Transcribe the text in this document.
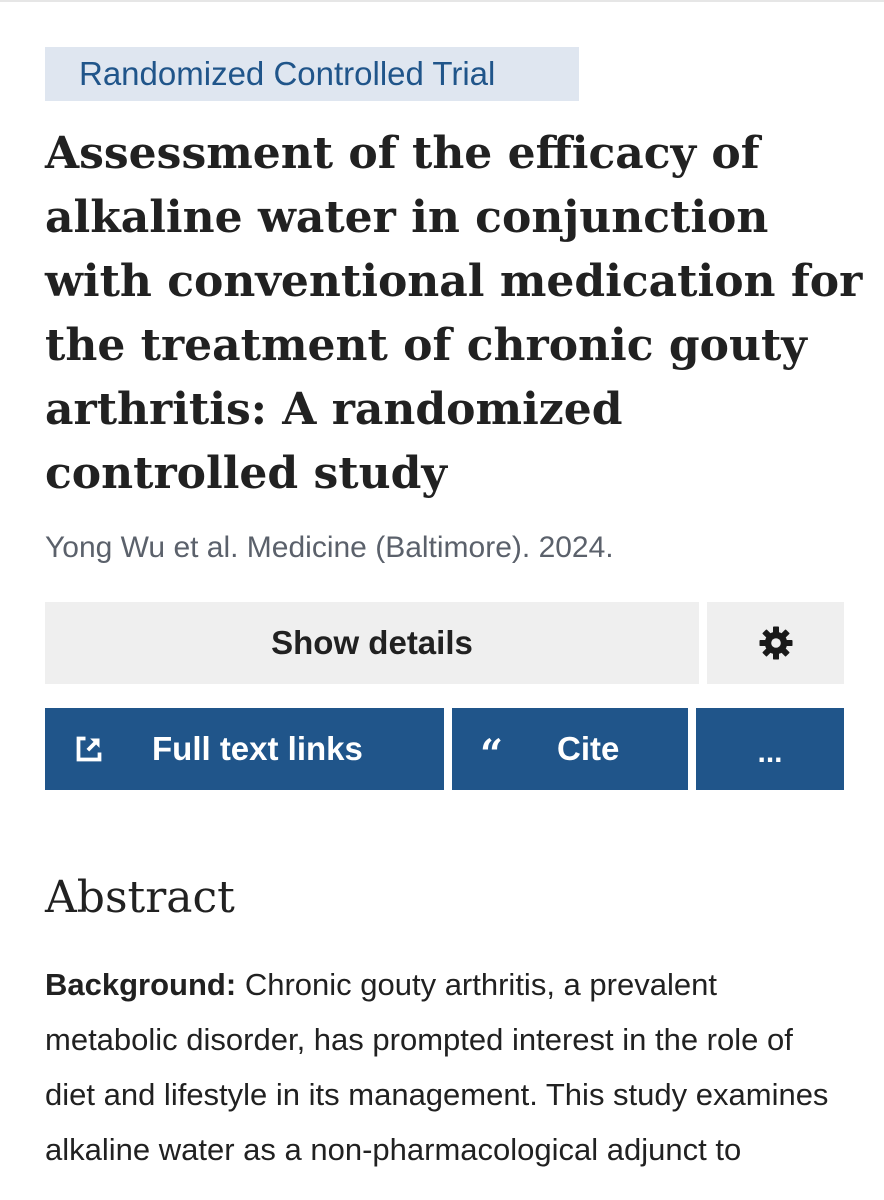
Randomized Controlled Trial
Assessment of the efficacy of alkaline water in conjunction with conventional medication for the treatment of chronic gouty arthritis: A randomized controlled study
Yong Wu et al. Medicine (Baltimore). 2024.
Show details
Full text links	“ Cite	...
Abstract

Background: Chronic gouty arthritis, a prevalent metabolic disorder, has prompted interest in the role of diet and lifestyle in its management. This study examines alkaline water as a non-pharmacological adjunct to
